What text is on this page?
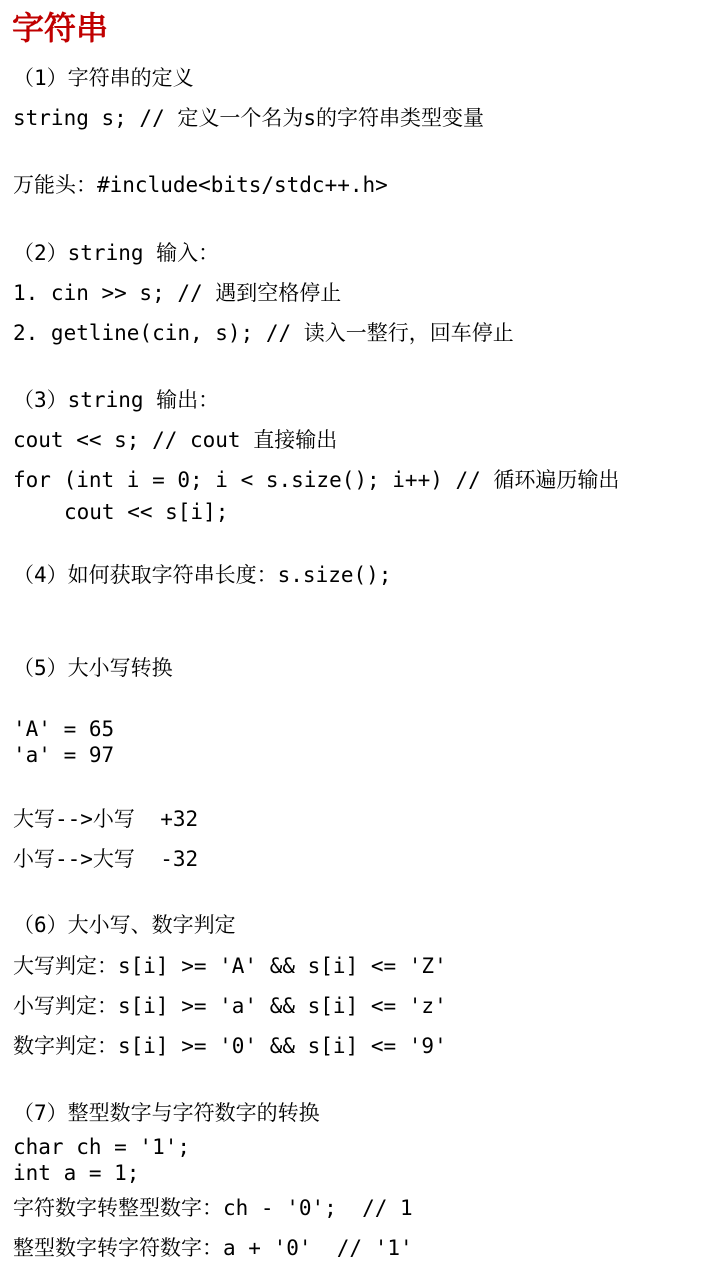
字符串
（1）字符串的定义
string s; // 定义一个名为s的字符串类型变量
万能头：#include<bits/stdc++.h>
（2）string 输入：
1. cin >> s; // 遇到空格停止
2. getline(cin, s); // 读入一整行，回车停止
（3）string 输出：
cout << s; // cout 直接输出
for (int i = 0; i < s.size(); i++) // 循环遍历输出
cout << s[i];
（4）如何获取字符串长度：s.size();
（5）大小写转换
'A' = 65
'a' = 97
大写-->小写  +32
小写-->大写  -32
（6）大小写、数字判定
大写判定：s[i] >= 'A' && s[i] <= 'Z'
小写判定：s[i] >= 'a' && s[i] <= 'z'
数字判定：s[i] >= '0' && s[i] <= '9'
（7）整型数字与字符数字的转换
char ch = '1';
int a = 1;
字符数字转整型数字：ch - '0';  // 1
整型数字转字符数字：a + '0'  // '1'
